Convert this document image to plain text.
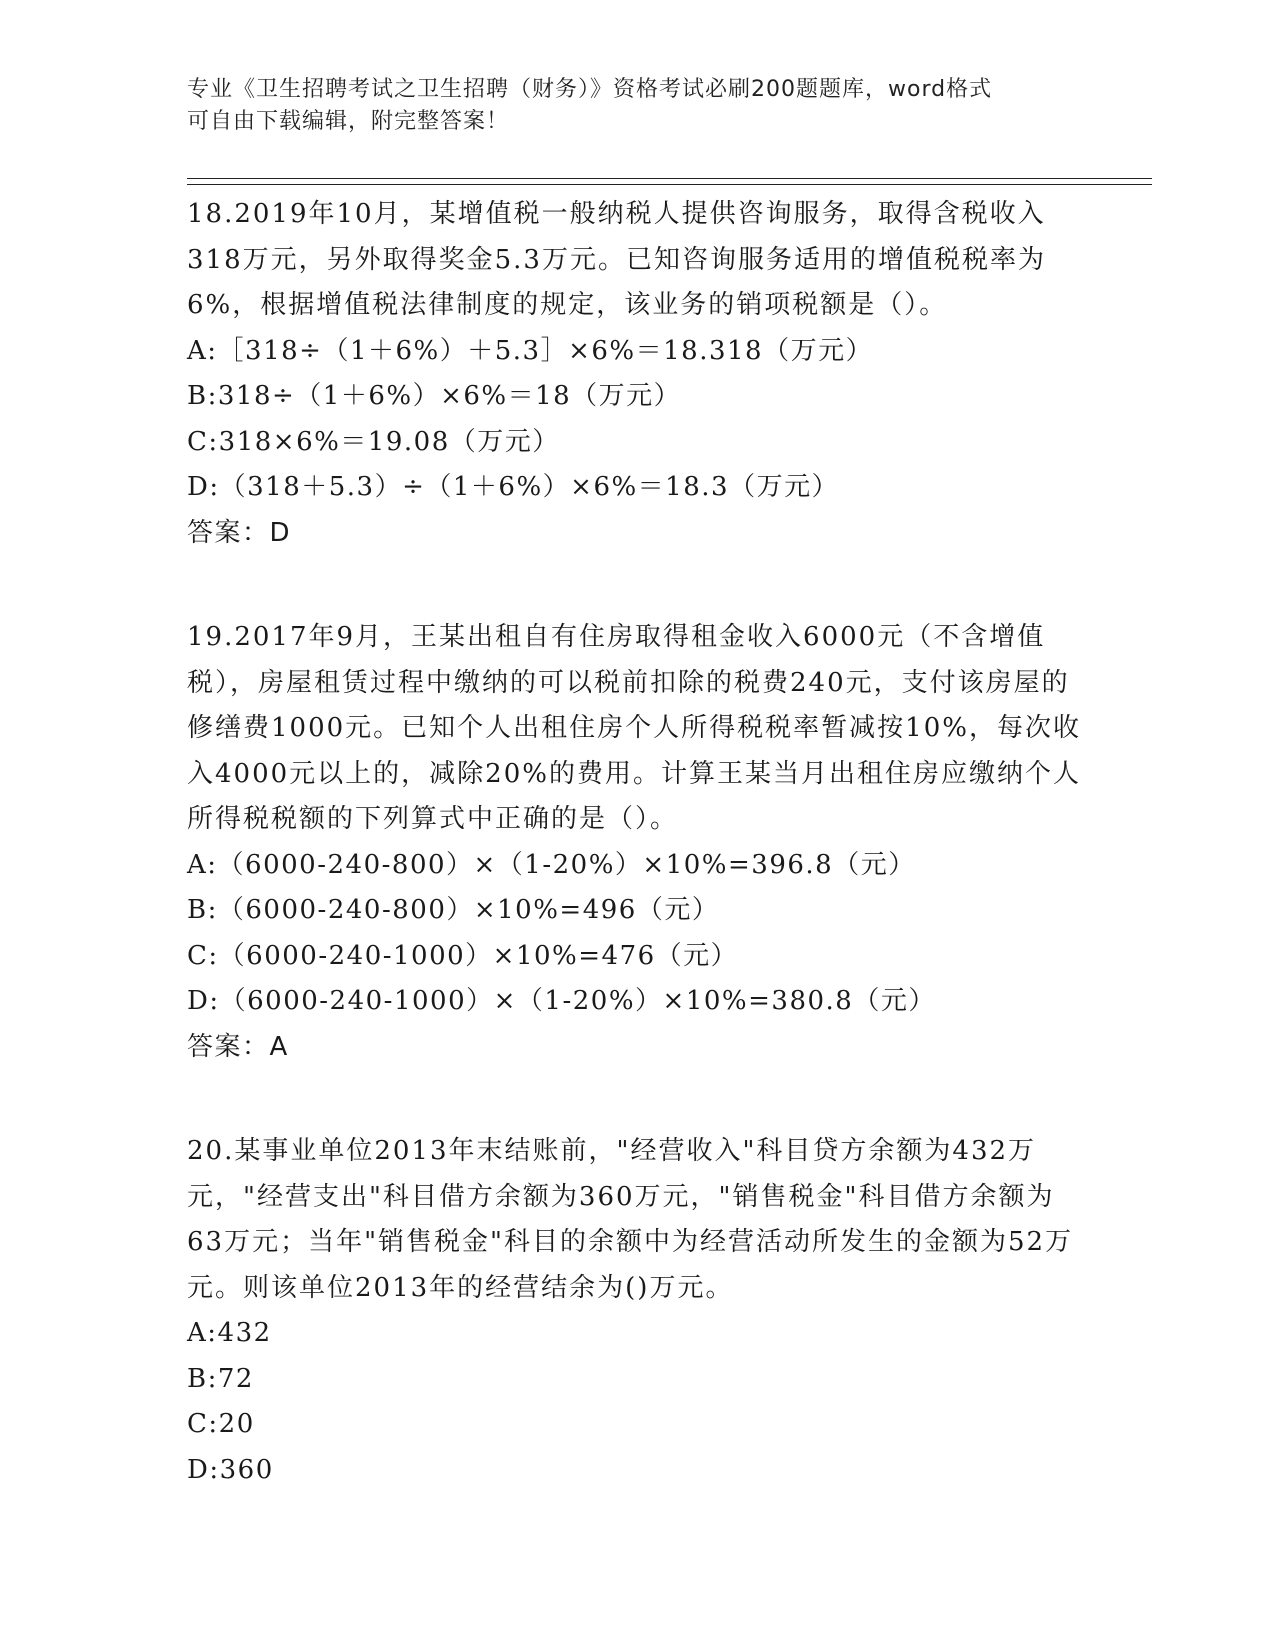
专业《卫生招聘考试之卫生招聘（财务）》资格考试必刷200题题库，word格式
可自由下载编辑，附完整答案！

18.2019年10月，某增值税一般纳税人提供咨询服务，取得含税收入318万元，另外取得奖金5.3万元。已知咨询服务适用的增值税税率为6%，根据增值税法律制度的规定，该业务的销项税额是（）。

A:［318÷（1＋6%）＋5.3］×6%＝18.318（万元）

B:318÷（1＋6%）×6%＝18（万元）

C:318×6%＝19.08（万元）

D:（318＋5.3）÷（1＋6%）×6%＝18.3（万元）

答案：D

19.2017年9月，王某出租自有住房取得租金收入6000元（不含增值税），房屋租赁过程中缴纳的可以税前扣除的税费240元，支付该房屋的修缮费1000元。已知个人出租住房个人所得税税率暂减按10%，每次收入4000元以上的，减除20%的费用。计算王某当月出租住房应缴纳个人所得税税额的下列算式中正确的是（）。

A:（6000-240-800）×（1-20%）×10%=396.8（元）

B:（6000-240-800）×10%=496（元）

C:（6000-240-1000）×10%=476（元）

D:（6000-240-1000）×（1-20%）×10%=380.8（元）

答案：A

20.某事业单位2013年末结账前，"经营收入"科目贷方余额为432万元，"经营支出"科目借方余额为360万元，"销售税金"科目借方余额为63万元；当年"销售税金"科目的余额中为经营活动所发生的金额为52万元。则该单位2013年的经营结余为()万元。

A:432

B:72

C:20

D:360
